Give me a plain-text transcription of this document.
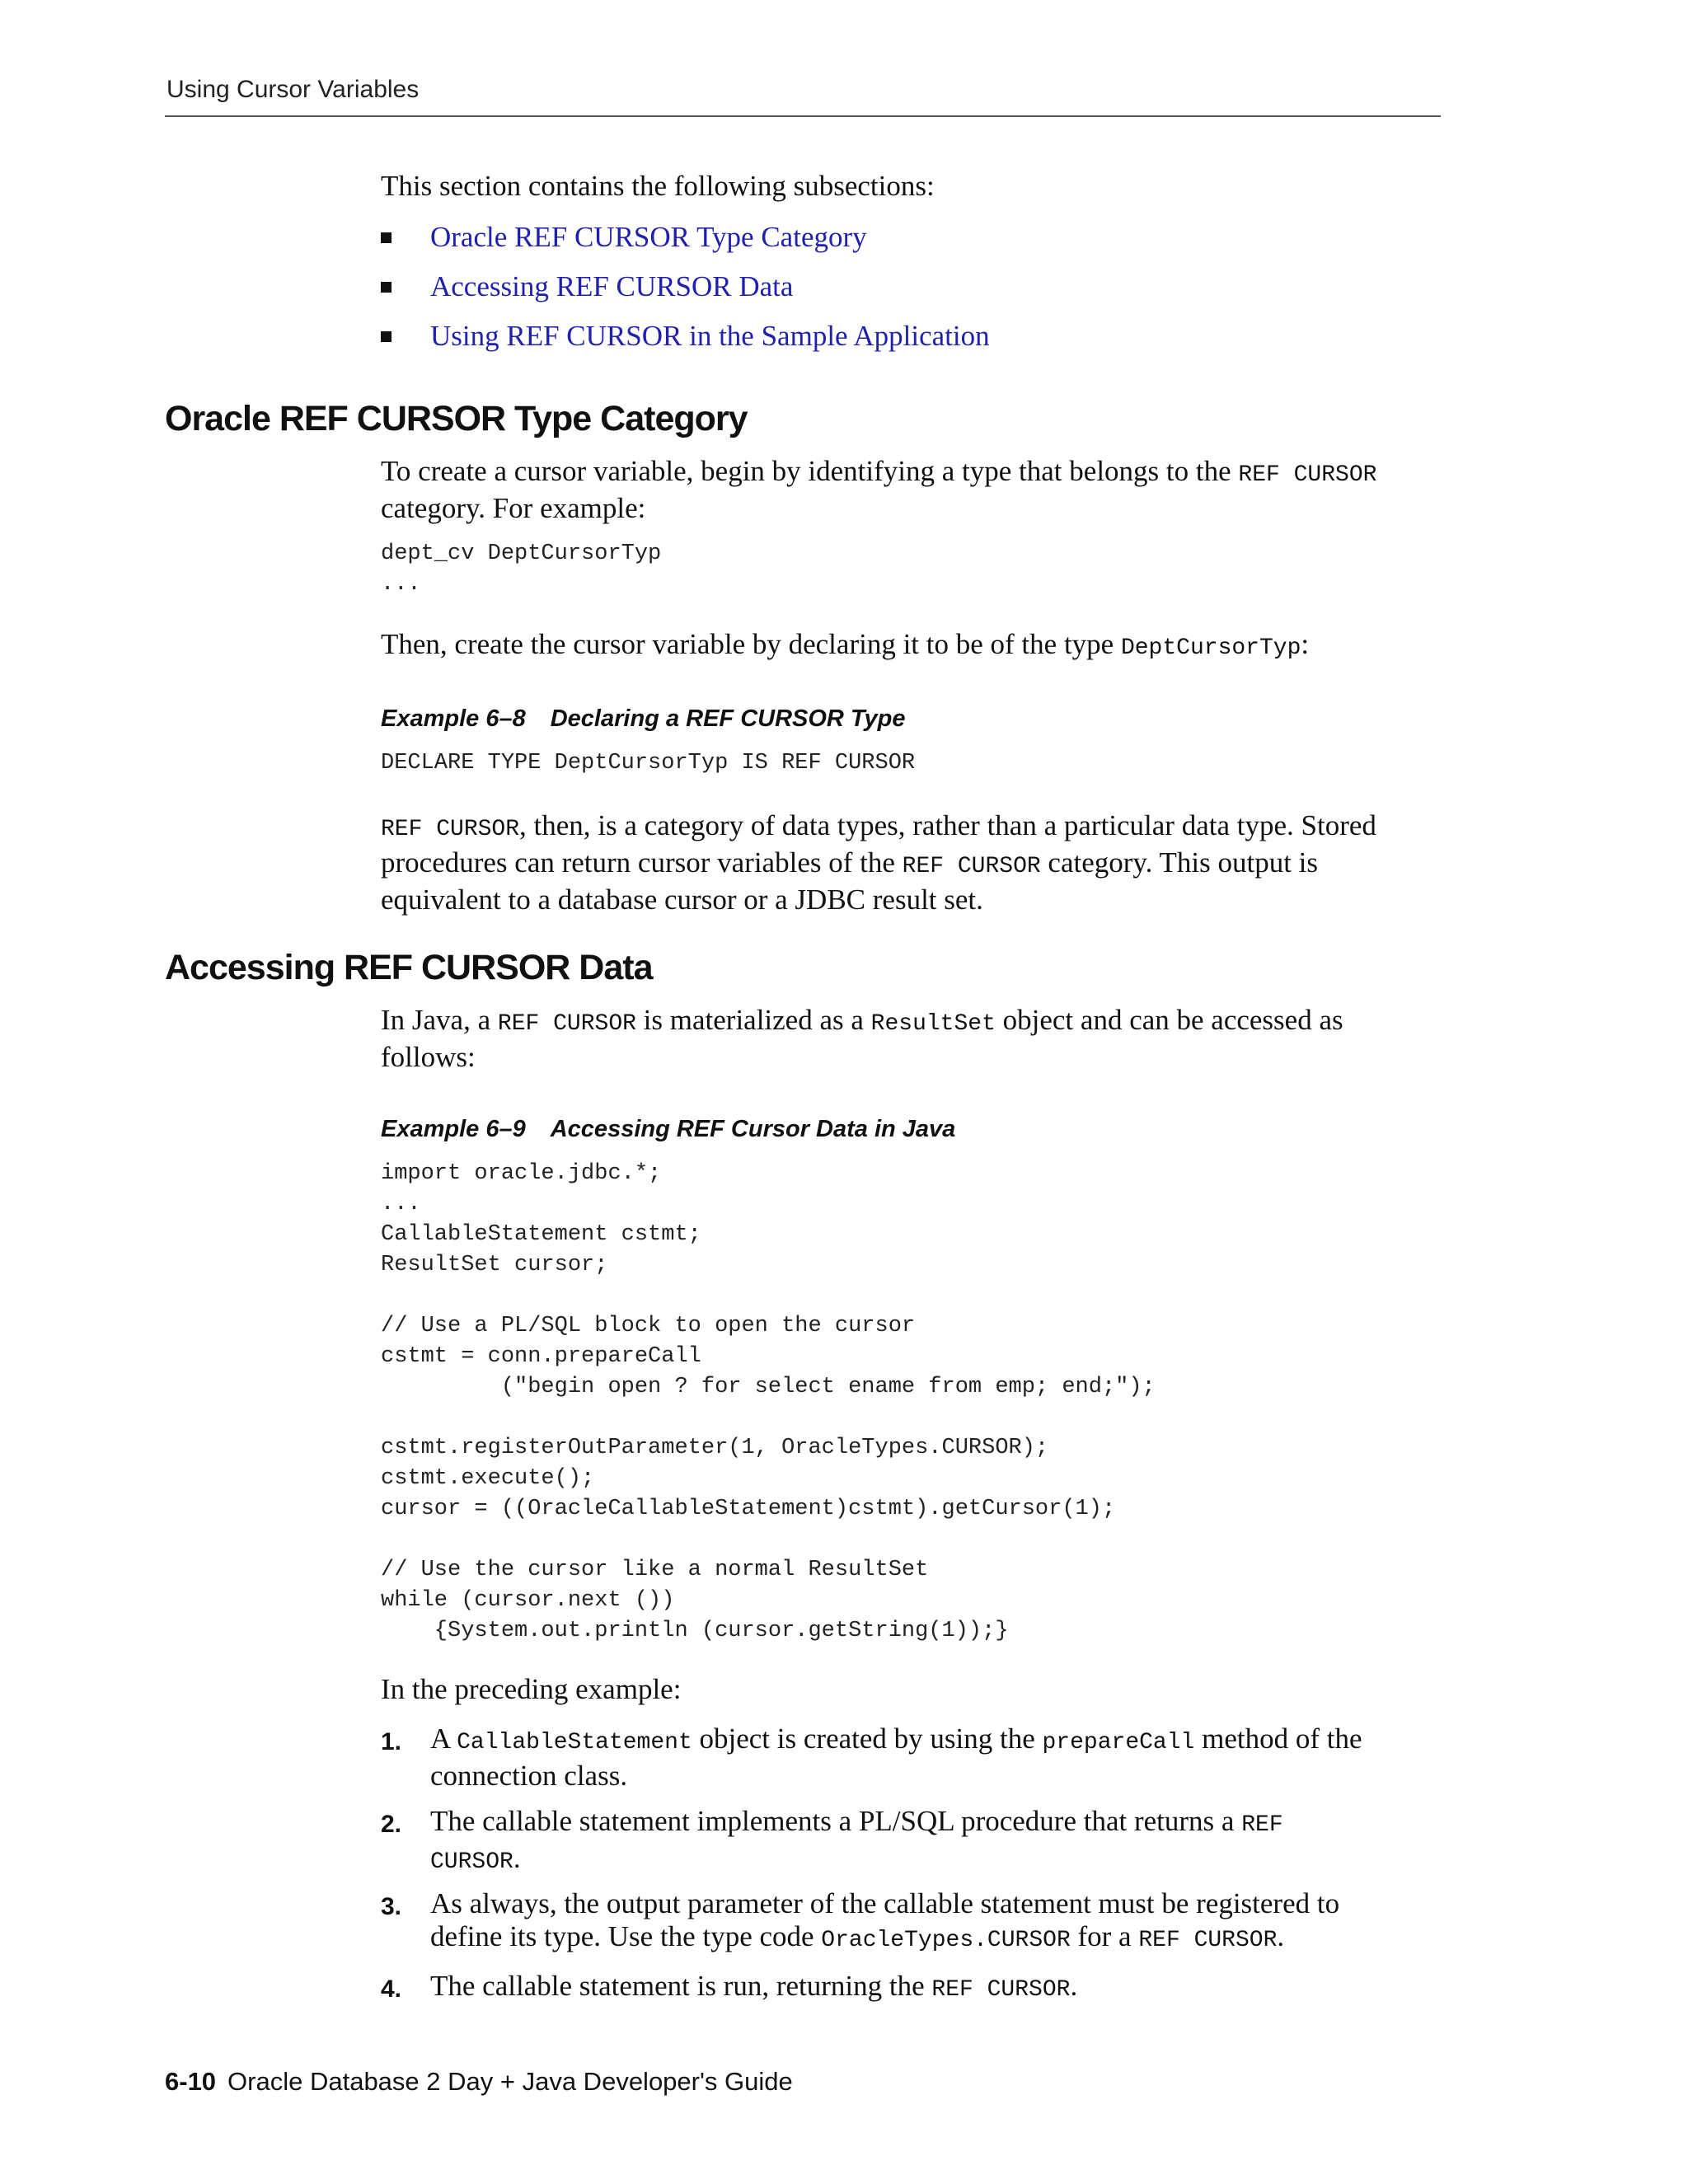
Using Cursor Variables
This section contains the following subsections:
Oracle REF CURSOR Type Category
Accessing REF CURSOR Data
Using REF CURSOR in the Sample Application
Oracle REF CURSOR Type Category
To create a cursor variable, begin by identifying a type that belongs to the REF CURSOR
category. For example:
dept_cv DeptCursorTyp
...
Then, create the cursor variable by declaring it to be of the type DeptCursorTyp:
Example 6–8 Declaring a REF CURSOR Type
DECLARE TYPE DeptCursorTyp IS REF CURSOR
REF CURSOR, then, is a category of data types, rather than a particular data type. Stored
procedures can return cursor variables of the REF CURSOR category. This output is
equivalent to a database cursor or a JDBC result set.
Accessing REF CURSOR Data
In Java, a REF CURSOR is materialized as a ResultSet object and can be accessed as
follows:
Example 6–9 Accessing REF Cursor Data in Java
import oracle.jdbc.*;
...
CallableStatement cstmt;
ResultSet cursor;

// Use a PL/SQL block to open the cursor
cstmt = conn.prepareCall
("begin open ? for select ename from emp; end;");

cstmt.registerOutParameter(1, OracleTypes.CURSOR);
cstmt.execute();
cursor = ((OracleCallableStatement)cstmt).getCursor(1);

// Use the cursor like a normal ResultSet
while (cursor.next ())
{System.out.println (cursor.getString(1));}
In the preceding example:
1. A CallableStatement object is created by using the prepareCall method of the
connection class.
2. The callable statement implements a PL/SQL procedure that returns a REF
CURSOR.
3. As always, the output parameter of the callable statement must be registered to
define its type. Use the type code OracleTypes.CURSOR for a REF CURSOR.
4. The callable statement is run, returning the REF CURSOR.
6-10 Oracle Database 2 Day + Java Developer's Guide
